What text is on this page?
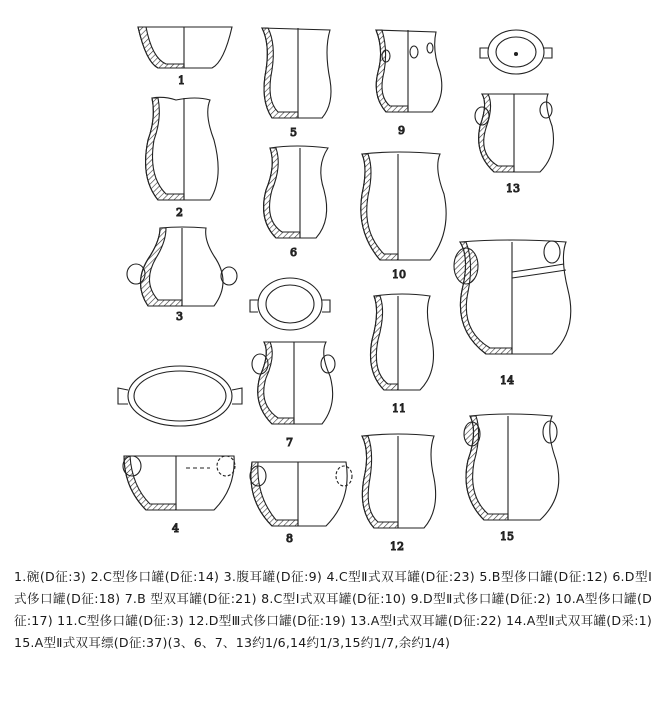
1
2
3
4
5
6
7
8
9
10
11
12
13
14
15
1.碗(D征:3) 2.C型侈口罐(D征:14) 3.腹耳罐(D征:9) 4.C型Ⅱ式双耳罐(D征:23) 5.B型侈口罐(D征:12) 6.D型Ⅰ式侈口罐(D征:18) 7.B 型双耳罐(D征:21) 8.C型Ⅰ式双耳罐(D征:10) 9.D型Ⅱ式侈口罐(D征:2) 10.A型侈口罐(D征:17) 11.C型侈口罐(D征:3) 12.D型Ⅲ式侈口罐(D征:19) 13.A型Ⅰ式双耳罐(D征:22) 14.A型Ⅱ式双耳罐(D采:1) 15.A型Ⅱ式双耳缥(D征:37)(3、6、7、13约1/6,14约1/3,15约1/7,余约1/4)
